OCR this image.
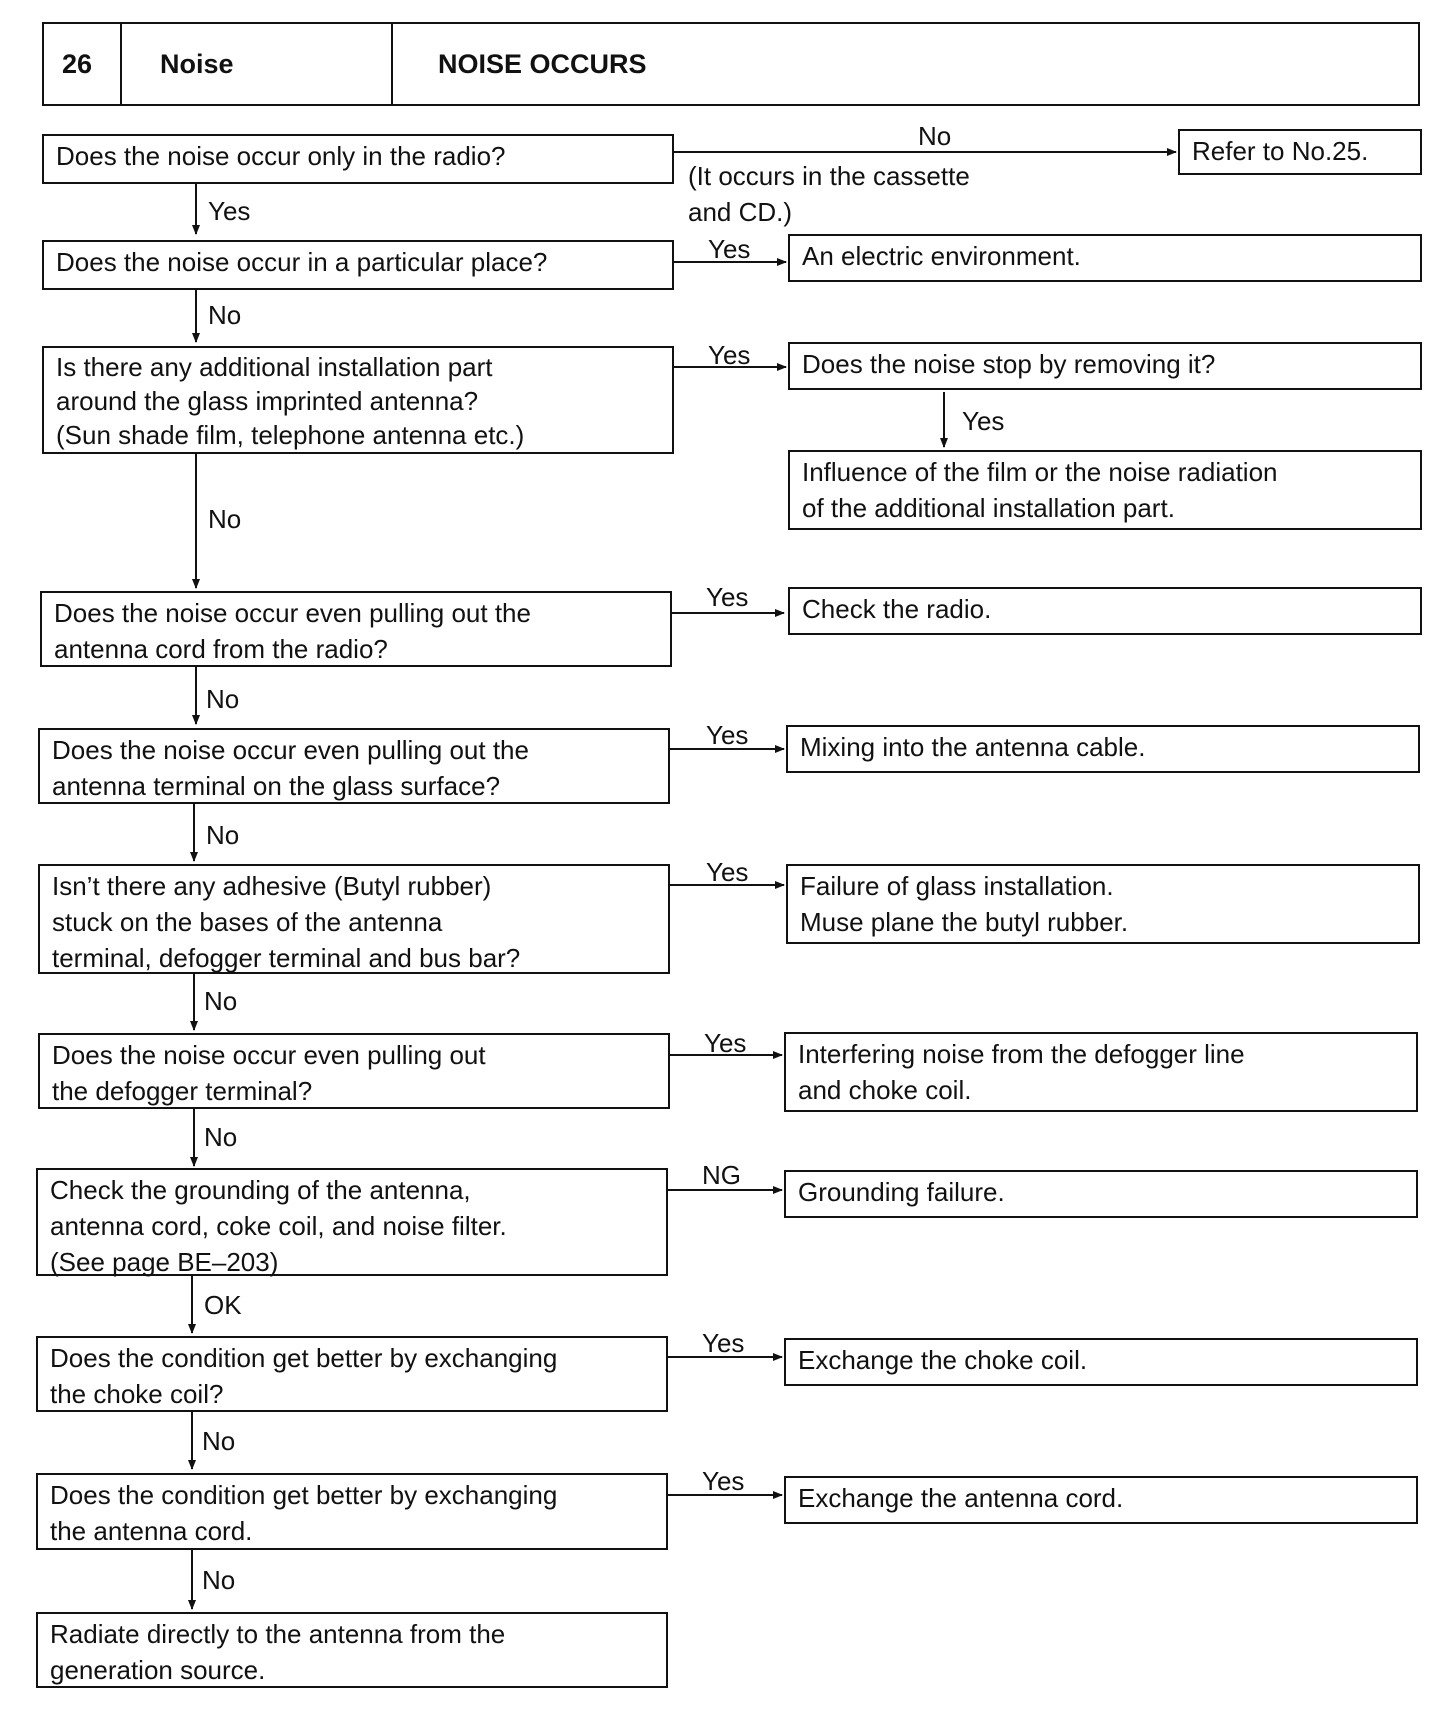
26	Noise	NOISE OCCURS
Does the noise occur only in the radio?
Does the noise occur in a particular place?
Is there any additional installation part
around the glass imprinted antenna?
(Sun shade film, telephone antenna etc.)
Does the noise occur even pulling out the
antenna cord from the radio?
Does the noise occur even pulling out the
antenna terminal on the glass surface?
Isn’t there any adhesive (Butyl rubber)
stuck on the bases of the antenna
terminal, defogger terminal and bus bar?
Does the noise occur even pulling out
the defogger terminal?
Check the grounding of the antenna,
antenna cord, coke coil, and noise filter.
(See page BE–203)
Does the condition get better by exchanging
the choke coil?
Does the condition get better by exchanging
the antenna cord.
Radiate directly to the antenna from the
generation source.
Refer to No.25.
An electric environment.
Does the noise stop by removing it?
Influence of the film or the noise radiation
of the additional installation part.
Check the radio.
Mixing into the antenna cable.
Failure of glass installation.
Muse plane the butyl rubber.
Interfering noise from the defogger line
and choke coil.
Grounding failure.
Exchange the choke coil.
Exchange the antenna cord.
No
(It occurs in the cassette
and CD.)
Yes
Yes
Yes
Yes
Yes
Yes
NG
Yes
Yes
Yes
Yes
No
No
No
No
No
No
OK
No
No
